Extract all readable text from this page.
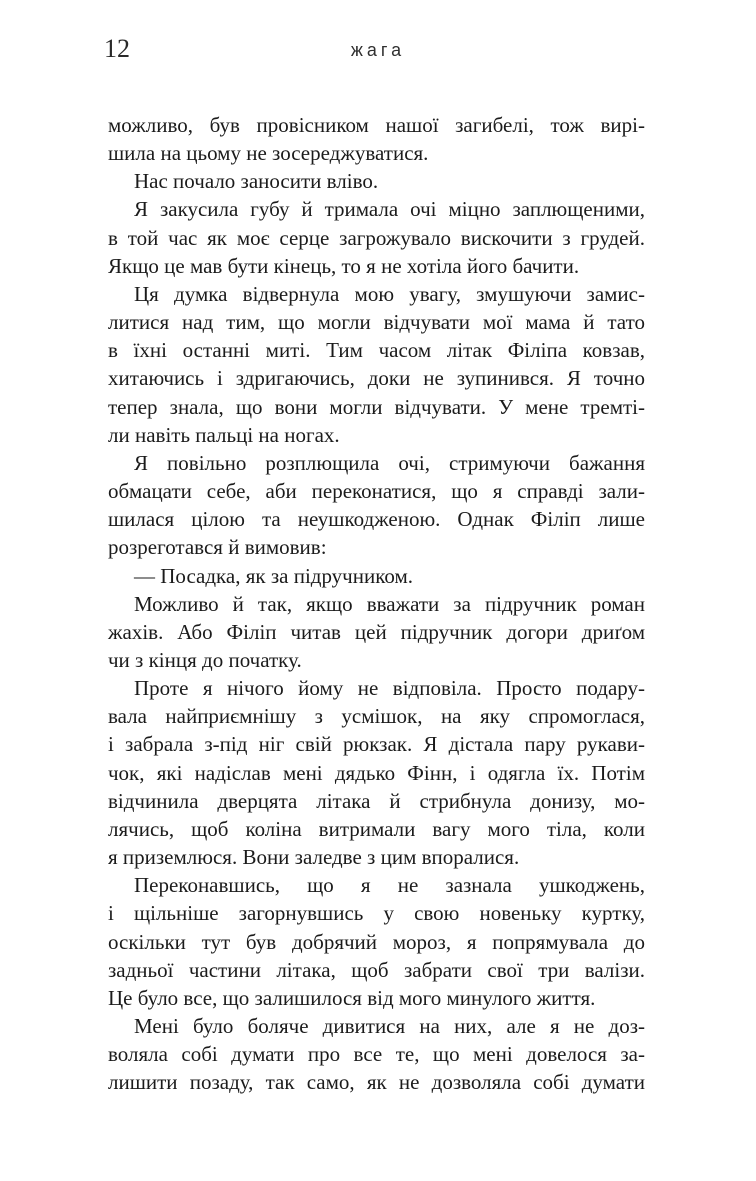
12	жага
можливо, був провісником нашої загибелі, тож вирі-
шила на цьому не зосереджуватися.
Нас почало заносити вліво.
Я закусила губу й тримала очі міцно заплющеними,
в той час як моє серце загрожувало вискочити з грудей.
Якщо це мав бути кінець, то я не хотіла його бачити.
Ця думка відвернула мою увагу, змушуючи замис-
литися над тим, що могли відчувати мої мама й тато
в їхні останні миті. Тим часом літак Філіпа ковзав,
хитаючись і здригаючись, доки не зупинився. Я точно
тепер знала, що вони могли відчувати. У мене тремті-
ли навіть пальці на ногах.
Я повільно розплющила очі, стримуючи бажання
обмацати себе, аби переконатися, що я справді зали-
шилася цілою та неушкодженою. Однак Філіп лише
розреготався й вимовив:
— Посадка, як за підручником.
Можливо й так, якщо вважати за підручник роман
жахів. Або Філіп читав цей підручник догори дриґом
чи з кінця до початку.
Проте я нічого йому не відповіла. Просто подару-
вала найприємнішу з усмішок, на яку спромоглася,
і забрала з-під ніг свій рюкзак. Я дістала пару рукави-
чок, які надіслав мені дядько Фінн, і одягла їх. Потім
відчинила дверцята літака й стрибнула донизу, мо-
лячись, щоб коліна витримали вагу мого тіла, коли
я приземлюся. Вони заледве з цим впоралися.
Переконавшись, що я не зазнала ушкоджень,
і щільніше загорнувшись у свою новеньку куртку,
оскільки тут був добрячий мороз, я попрямувала до
задньої частини літака, щоб забрати свої три валізи.
Це було все, що залишилося від мого минулого життя.
Мені було боляче дивитися на них, але я не доз-
воляла собі думати про все те, що мені довелося за-
лишити позаду, так само, як не дозволяла собі думати
